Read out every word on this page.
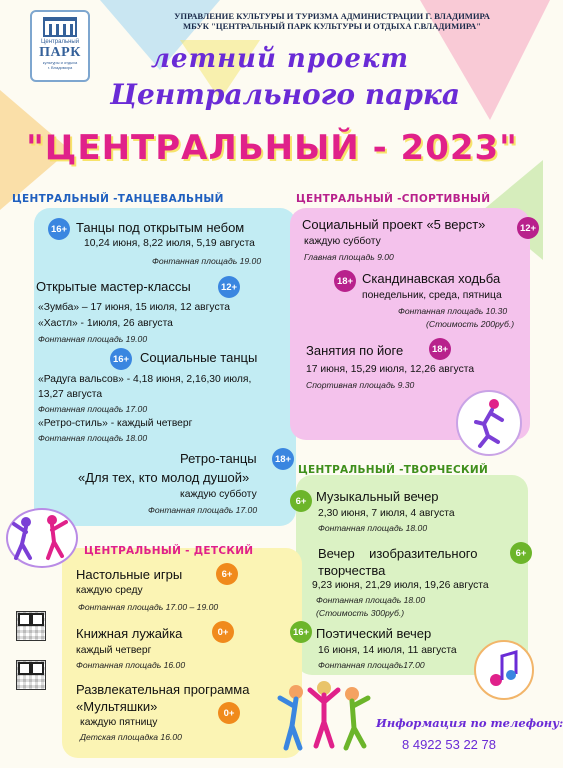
Центральный
ПАРК
культуры и отдыха
г. Владимира
УПРАВЛЕНИЕ КУЛЬТУРЫ И ТУРИЗМА АДМИНИСТРАЦИИ Г. ВЛАДИМИРА
МБУК "ЦЕНТРАЛЬНЫЙ ПАРК КУЛЬТУРЫ И ОТДЫХА Г.ВЛАДИМИРА"
летний проект
Центрального парка
"ЦЕНТРАЛЬНЫЙ - 2023"
ЦЕНТРАЛЬНЫЙ -ТАНЦЕВАЛЬНЫЙ	ЦЕНТРАЛЬНЫЙ -СПОРТИВНЫЙ
ЦЕНТРАЛЬНЫЙ -ТВОРЧЕСКИЙ
ЦЕНТРАЛЬНЫЙ - ДЕТСКИЙ
16+ Танцы под открытым небом
10,24 июня, 8,22 июля, 5,19 августа
Фонтанная площадь 19.00
Открытые мастер-классы	12+
«Зумба» – 17 июня, 15 июля, 12 августа
«Хастл» - 1июля, 26 августа
Фонтанная площадь 19.00
16+ Социальные танцы
«Радуга вальсов» - 4,18 июня, 2,16,30 июля,
13,27 августа
Фонтанная площадь 17.00
«Ретро-стиль» - каждый четверг
Фонтанная площадь 18.00
Ретро-танцы	18+
«Для тех, кто молод душой»
каждую субботу
Фонтанная площадь 17.00
Социальный проект «5 верст»	12+
каждую субботу
Главная площадь 9.00
18+ Скандинавская ходьба
понедельник, среда, пятница
Фонтанная площадь 10.30
(Стоимость 200руб.)
Занятия по йоге	18+
17 июня, 15,29 июля, 12,26 августа
Спортивная площадь 9.30
6+ Музыкальный вечер
2,30 июня, 7 июля, 4 августа
Фонтанная площадь 18.00
Вечер    изобразительного	6+
творчества
9,23 июня, 21,29 июля, 19,26 августа
Фонтанная площадь 18.00
(Стоимость 300руб.)
16+ Поэтический вечер
16 июня, 14 июля, 11 августа
Фонтанная площадь17.00
Настольные игры	6+
каждую среду
Фонтанная площадь 17.00 – 19.00
Книжная лужайка	0+
каждый четверг
Фонтанная площадь 16.00
Развлекательная программа
«Мультяшки»	0+
каждую пятницу
Детская площадка 16.00
Информация по телефону:
8 4922 53 22 78
